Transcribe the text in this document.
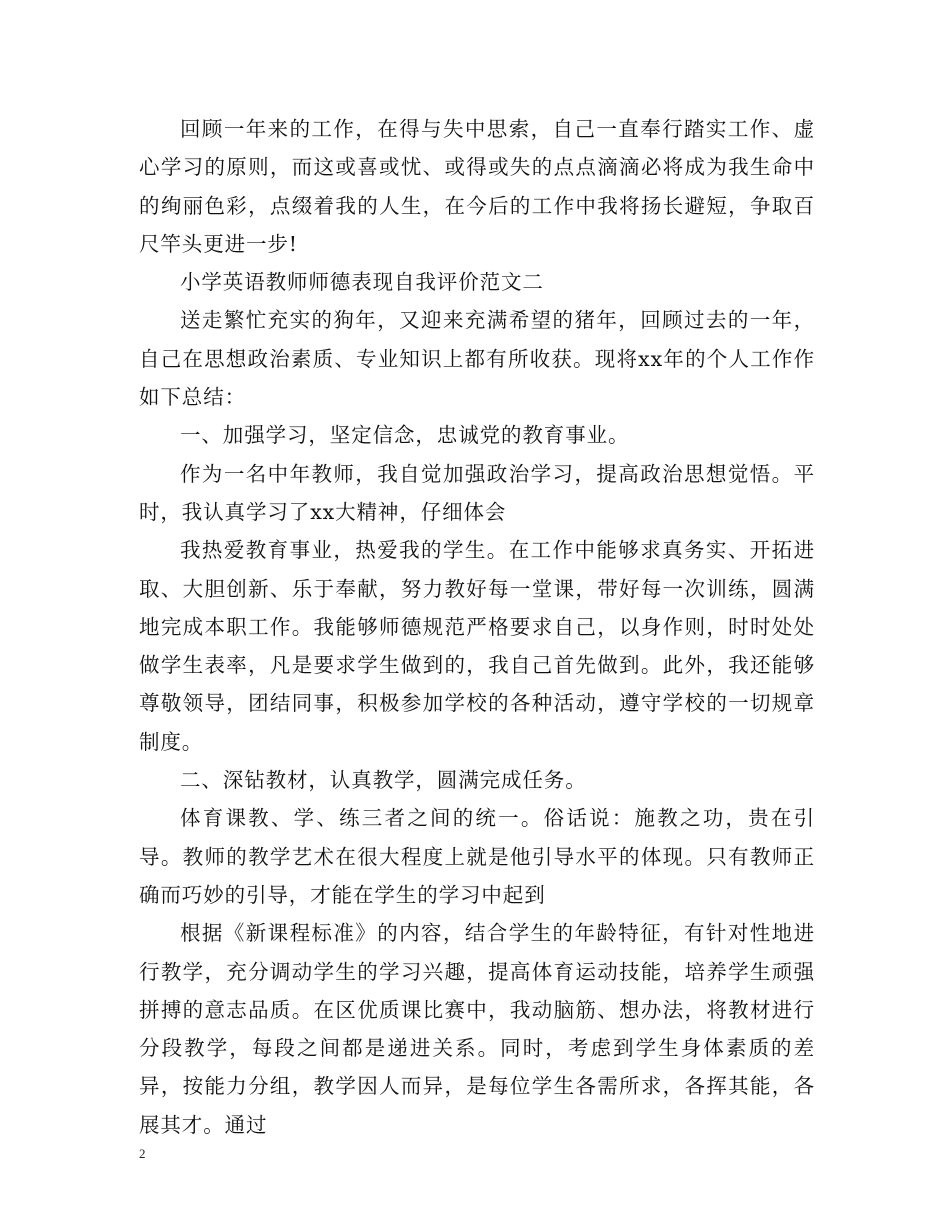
回顾一年来的工作，在得与失中思索，自己一直奉行踏实工作、虚心学习的原则，而这或喜或忧、或得或失的点点滴滴必将成为我生命中的绚丽色彩，点缀着我的人生，在今后的工作中我将扬长避短，争取百尺竿头更进一步!

小学英语教师师德表现自我评价范文二

送走繁忙充实的狗年，又迎来充满希望的猪年，回顾过去的一年，自己在思想政治素质、专业知识上都有所收获。现将xx年的个人工作作如下总结：

一、加强学习，坚定信念，忠诚党的教育事业。

作为一名中年教师，我自觉加强政治学习，提高政治思想觉悟。平时，我认真学习了xx大精神，仔细体会

我热爱教育事业，热爱我的学生。在工作中能够求真务实、开拓进取、大胆创新、乐于奉献，努力教好每一堂课，带好每一次训练，圆满地完成本职工作。我能够师德规范严格要求自己，以身作则，时时处处做学生表率，凡是要求学生做到的，我自己首先做到。此外，我还能够尊敬领导，团结同事，积极参加学校的各种活动，遵守学校的一切规章制度。

二、深钻教材，认真教学，圆满完成任务。

体育课教、学、练三者之间的统一。俗话说：施教之功，贵在引导。教师的教学艺术在很大程度上就是他引导水平的体现。只有教师正确而巧妙的引导，才能在学生的学习中起到

根据《新课程标准》的内容，结合学生的年龄特征，有针对性地进行教学，充分调动学生的学习兴趣，提高体育运动技能，培养学生顽强拼搏的意志品质。在区优质课比赛中，我动脑筋、想办法，将教材进行分段教学，每段之间都是递进关系。同时，考虑到学生身体素质的差异，按能力分组，教学因人而异，是每位学生各需所求，各挥其能，各展其才。通过

2
